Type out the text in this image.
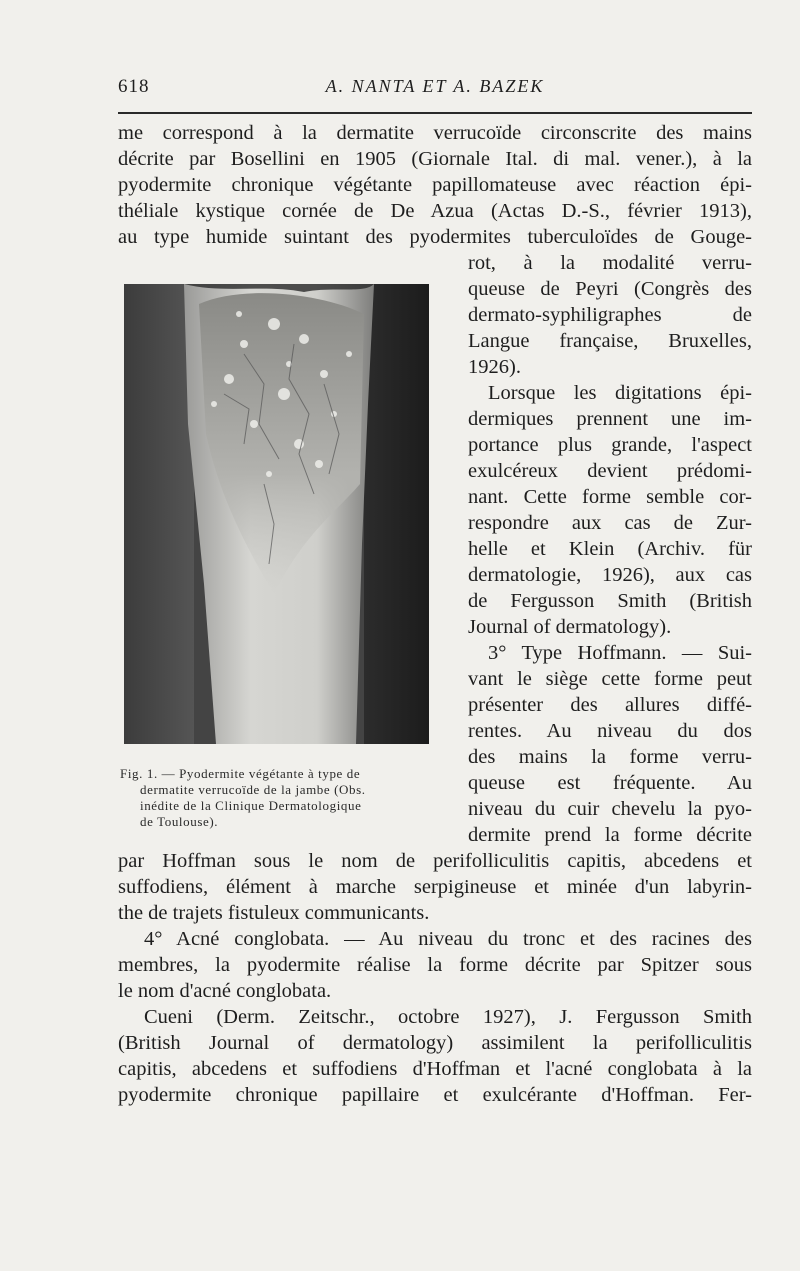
618	A. NANTA ET A. BAZEK
me correspond à la dermatite verrucoïde circonscrite des mains
décrite par Bosellini en 1905 (Giornale Ital. di mal. vener.), à la
pyodermite chronique végétante papillomateuse avec réaction épi-
théliale kystique cornée de De Azua (Actas D.-S., février 1913),
au type humide suintant des pyodermites tuberculoïdes de Gouge-
rot, à la modalité verru-
queuse de Peyri (Congrès des
dermato-syphiligraphes de
Langue française, Bruxelles,
1926).
Lorsque les digitations épi-
dermiques prennent une im-
portance plus grande, l'aspect
exulcéreux devient prédomi-
nant. Cette forme semble cor-
respondre aux cas de Zur-
helle et Klein (Archiv. für
dermatologie, 1926), aux cas
de Fergusson Smith (British
Journal of dermatology).
3° Type Hoffmann. — Sui-
vant le siège cette forme peut
présenter des allures diffé-
rentes. Au niveau du dos
des mains la forme verru-
queuse est fréquente. Au
niveau du cuir chevelu la pyo-
dermite prend la forme décrite
par Hoffman sous le nom de perifolliculitis capitis, abcedens et
suffodiens, élément à marche serpigineuse et minée d'un labyrin-
the de trajets fistuleux communicants.
4° Acné conglobata. — Au niveau du tronc et des racines des
membres, la pyodermite réalise la forme décrite par Spitzer sous
le nom d'acné conglobata.
Cueni (Derm. Zeitschr., octobre 1927), J. Fergusson Smith
(British Journal of dermatology) assimilent la perifolliculitis
capitis, abcedens et suffodiens d'Hoffman et l'acné conglobata à la
pyodermite chronique papillaire et exulcérante d'Hoffman. Fer-
Fig. 1. — Pyodermite végétante à type de
dermatite verrucoïde de la jambe (Obs.
inédite de la Clinique Dermatologique
de Toulouse).
